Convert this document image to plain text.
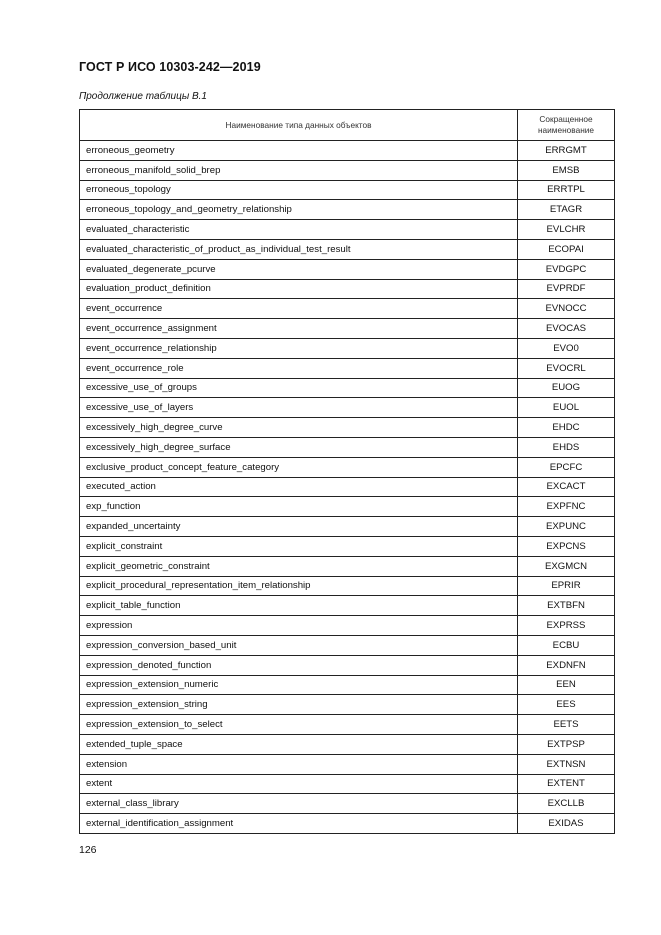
ГОСТ Р ИСО 10303-242—2019
Продолжение таблицы В.1
Наименование типа данных объектов	Сокращенное
наименование
erroneous_geometry	ERRGMT
erroneous_manifold_solid_brep	EMSB
erroneous_topology	ERRTPL
erroneous_topology_and_geometry_relationship	ETAGR
evaluated_characteristic	EVLCHR
evaluated_characteristic_of_product_as_individual_test_result	ECOPAI
evaluated_degenerate_pcurve	EVDGPC
evaluation_product_definition	EVPRDF
event_occurrence	EVNOCC
event_occurrence_assignment	EVOCAS
event_occurrence_relationship	EVO0
event_occurrence_role	EVOCRL
excessive_use_of_groups	EUOG
excessive_use_of_layers	EUOL
excessively_high_degree_curve	EHDC
excessively_high_degree_surface	EHDS
exclusive_product_concept_feature_category	EPCFC
executed_action	EXCACT
exp_function	EXPFNC
expanded_uncertainty	EXPUNC
explicit_constraint	EXPCNS
explicit_geometric_constraint	EXGMCN
explicit_procedural_representation_item_relationship	EPRIR
explicit_table_function	EXTBFN
expression	EXPRSS
expression_conversion_based_unit	ECBU
expression_denoted_function	EXDNFN
expression_extension_numeric	EEN
expression_extension_string	EES
expression_extension_to_select	EETS
extended_tuple_space	EXTPSP
extension	EXTNSN
extent	EXTENT
external_class_library	EXCLLB
external_identification_assignment	EXIDAS
126
